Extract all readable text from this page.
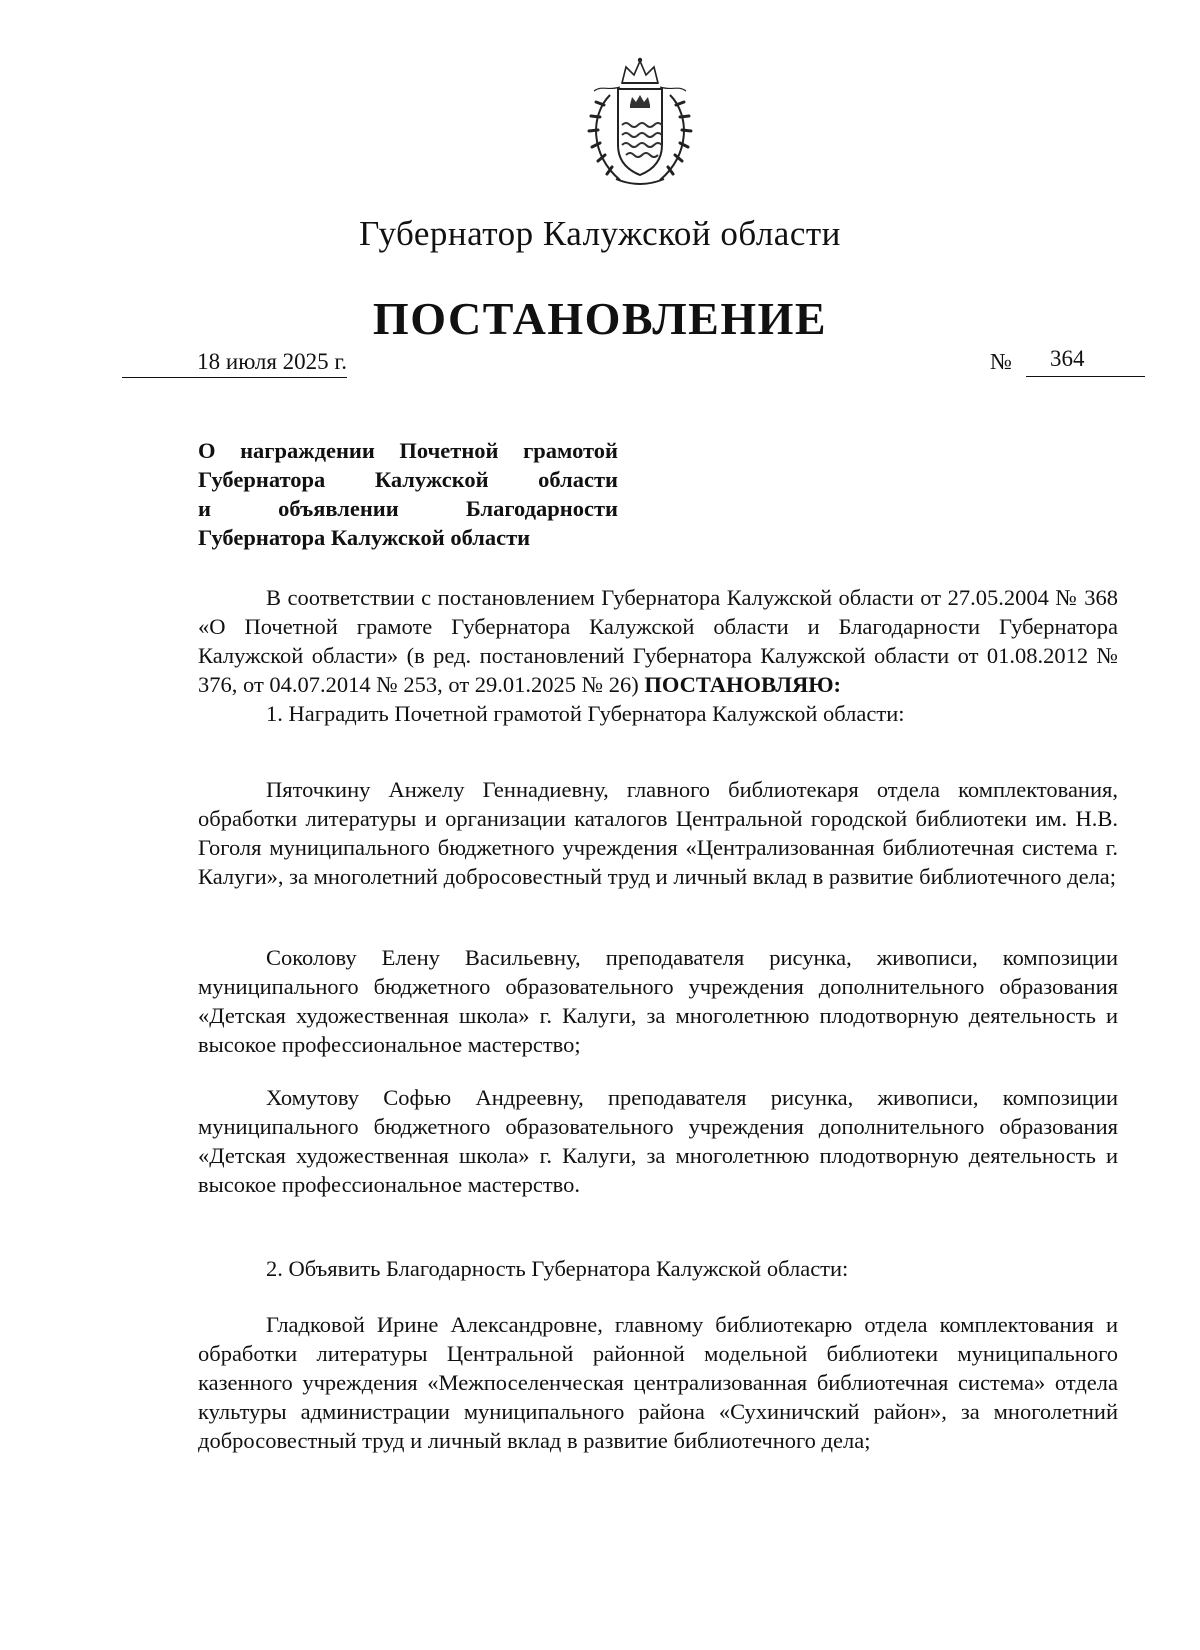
Губернатор Калужской области
ПОСТАНОВЛЕНИЕ
18 июля 2025 г.	№ 364
О награждении Почетной грамотой
Губернатора Калужской области
и объявлении Благодарности
Губернатора Калужской области

В соответствии с постановлением Губернатора Калужской области от 27.05.2004 № 368 «О Почетной грамоте Губернатора Калужской области и Благодарности Губернатора Калужской области» (в ред. постановлений Губернатора Калужской области от 01.08.2012 № 376, от 04.07.2014 № 253, от 29.01.2025 № 26) ПОСТАНОВЛЯЮ:

1. Наградить Почетной грамотой Губернатора Калужской области:

Пяточкину Анжелу Геннадиевну, главного библиотекаря отдела комплектования, обработки литературы и организации каталогов Центральной городской библиотеки им. Н.В. Гоголя муниципального бюджетного учреждения «Централизованная библиотечная система г. Калуги», за многолетний добросовестный труд и личный вклад в развитие библиотечного дела;

Соколову Елену Васильевну, преподавателя рисунка, живописи, композиции муниципального бюджетного образовательного учреждения дополнительного образования «Детская художественная школа» г. Калуги, за многолетнюю плодотворную деятельность и высокое профессиональное мастерство;

Хомутову Софью Андреевну, преподавателя рисунка, живописи, композиции муниципального бюджетного образовательного учреждения дополнительного образования «Детская художественная школа» г. Калуги, за многолетнюю плодотворную деятельность и высокое профессиональное мастерство.

2. Объявить Благодарность Губернатора Калужской области:

Гладковой Ирине Александровне, главному библиотекарю отдела комплектования и обработки литературы Центральной районной модельной библиотеки муниципального казенного учреждения «Межпоселенческая централизованная библиотечная система» отдела культуры администрации муниципального района «Сухиничский район», за многолетний добросовестный труд и личный вклад в развитие библиотечного дела;
